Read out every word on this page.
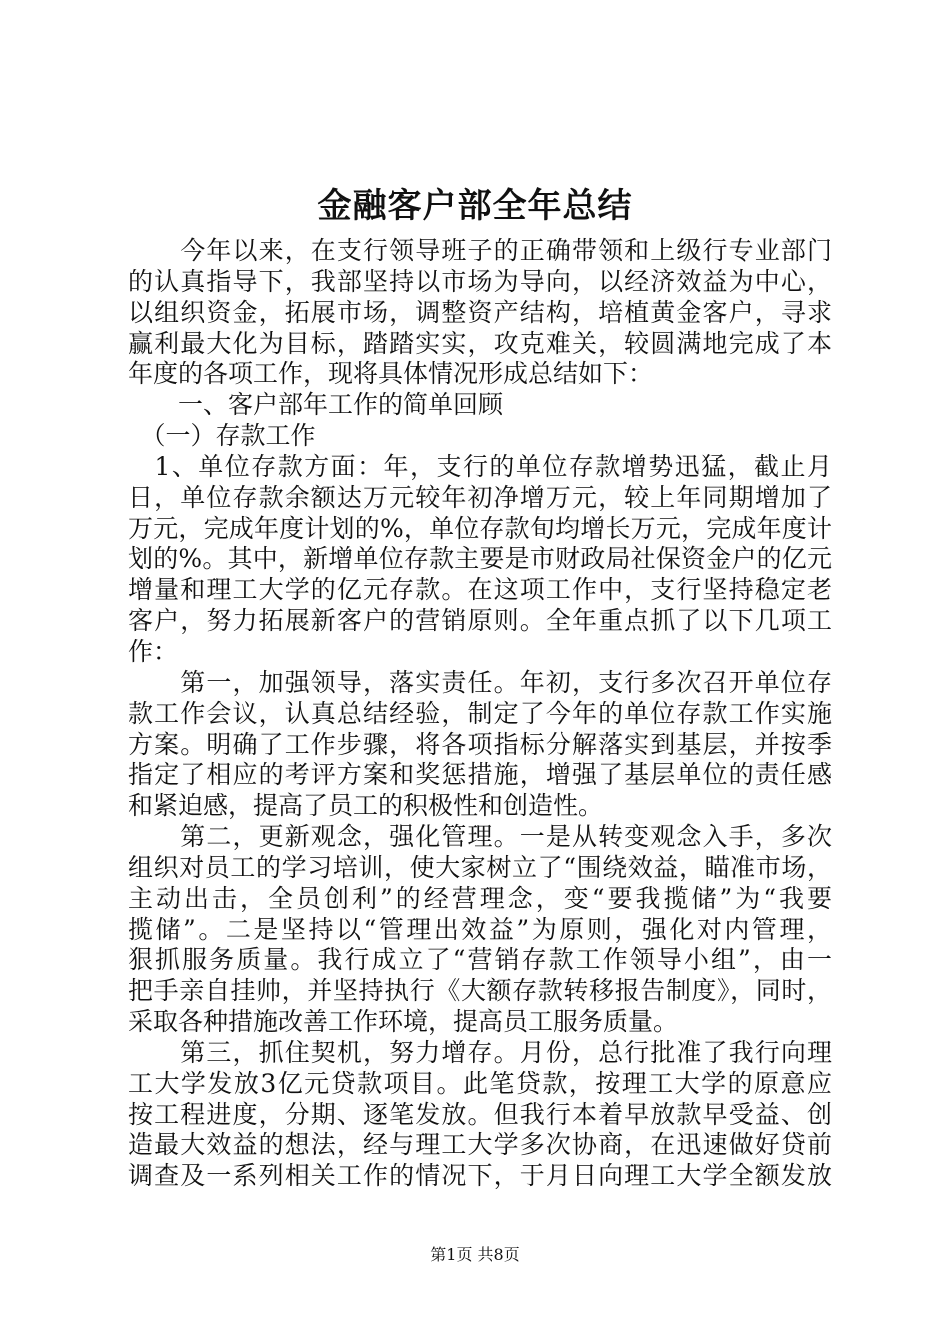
金融客户部全年总结
　　今年以来，在支行领导班子的正确带领和上级行专业部门
的认真指导下，我部坚持以市场为导向，以经济效益为中心，
以组织资金，拓展市场，调整资产结构，培植黄金客户，寻求
赢利最大化为目标，踏踏实实，攻克难关，较圆满地完成了本
年度的各项工作，现将具体情况形成总结如下：
　　一、客户部年工作的简单回顾
　（一）存款工作
　1、单位存款方面：年，支行的单位存款增势迅猛，截止月
日，单位存款余额达万元较年初净增万元，较上年同期增加了
万元，完成年度计划的%，单位存款旬均增长万元，完成年度计
划的%。其中，新增单位存款主要是市财政局社保资金户的亿元
增量和理工大学的亿元存款。在这项工作中，支行坚持稳定老
客户，努力拓展新客户的营销原则。全年重点抓了以下几项工
作：
　　第一，加强领导，落实责任。年初，支行多次召开单位存
款工作会议，认真总结经验，制定了今年的单位存款工作实施
方案。明确了工作步骤，将各项指标分解落实到基层，并按季
指定了相应的考评方案和奖惩措施，增强了基层单位的责任感
和紧迫感，提高了员工的积极性和创造性。
　　第二，更新观念，强化管理。一是从转变观念入手，多次
组织对员工的学习培训，使大家树立了“围绕效益，瞄准市场，
主动出击，全员创利”的经营理念，变“要我揽储”为“我要
揽储”。二是坚持以“管理出效益”为原则，强化对内管理，
狠抓服务质量。我行成立了“营销存款工作领导小组”，由一
把手亲自挂帅，并坚持执行《大额存款转移报告制度》，同时，
采取各种措施改善工作环境，提高员工服务质量。
　　第三，抓住契机，努力增存。月份，总行批准了我行向理
工大学发放3亿元贷款项目。此笔贷款，按理工大学的原意应
按工程进度，分期、逐笔发放。但我行本着早放款早受益、创
造最大效益的想法，经与理工大学多次协商，在迅速做好贷前
调查及一系列相关工作的情况下，于月日向理工大学全额发放
第1页 共8页
